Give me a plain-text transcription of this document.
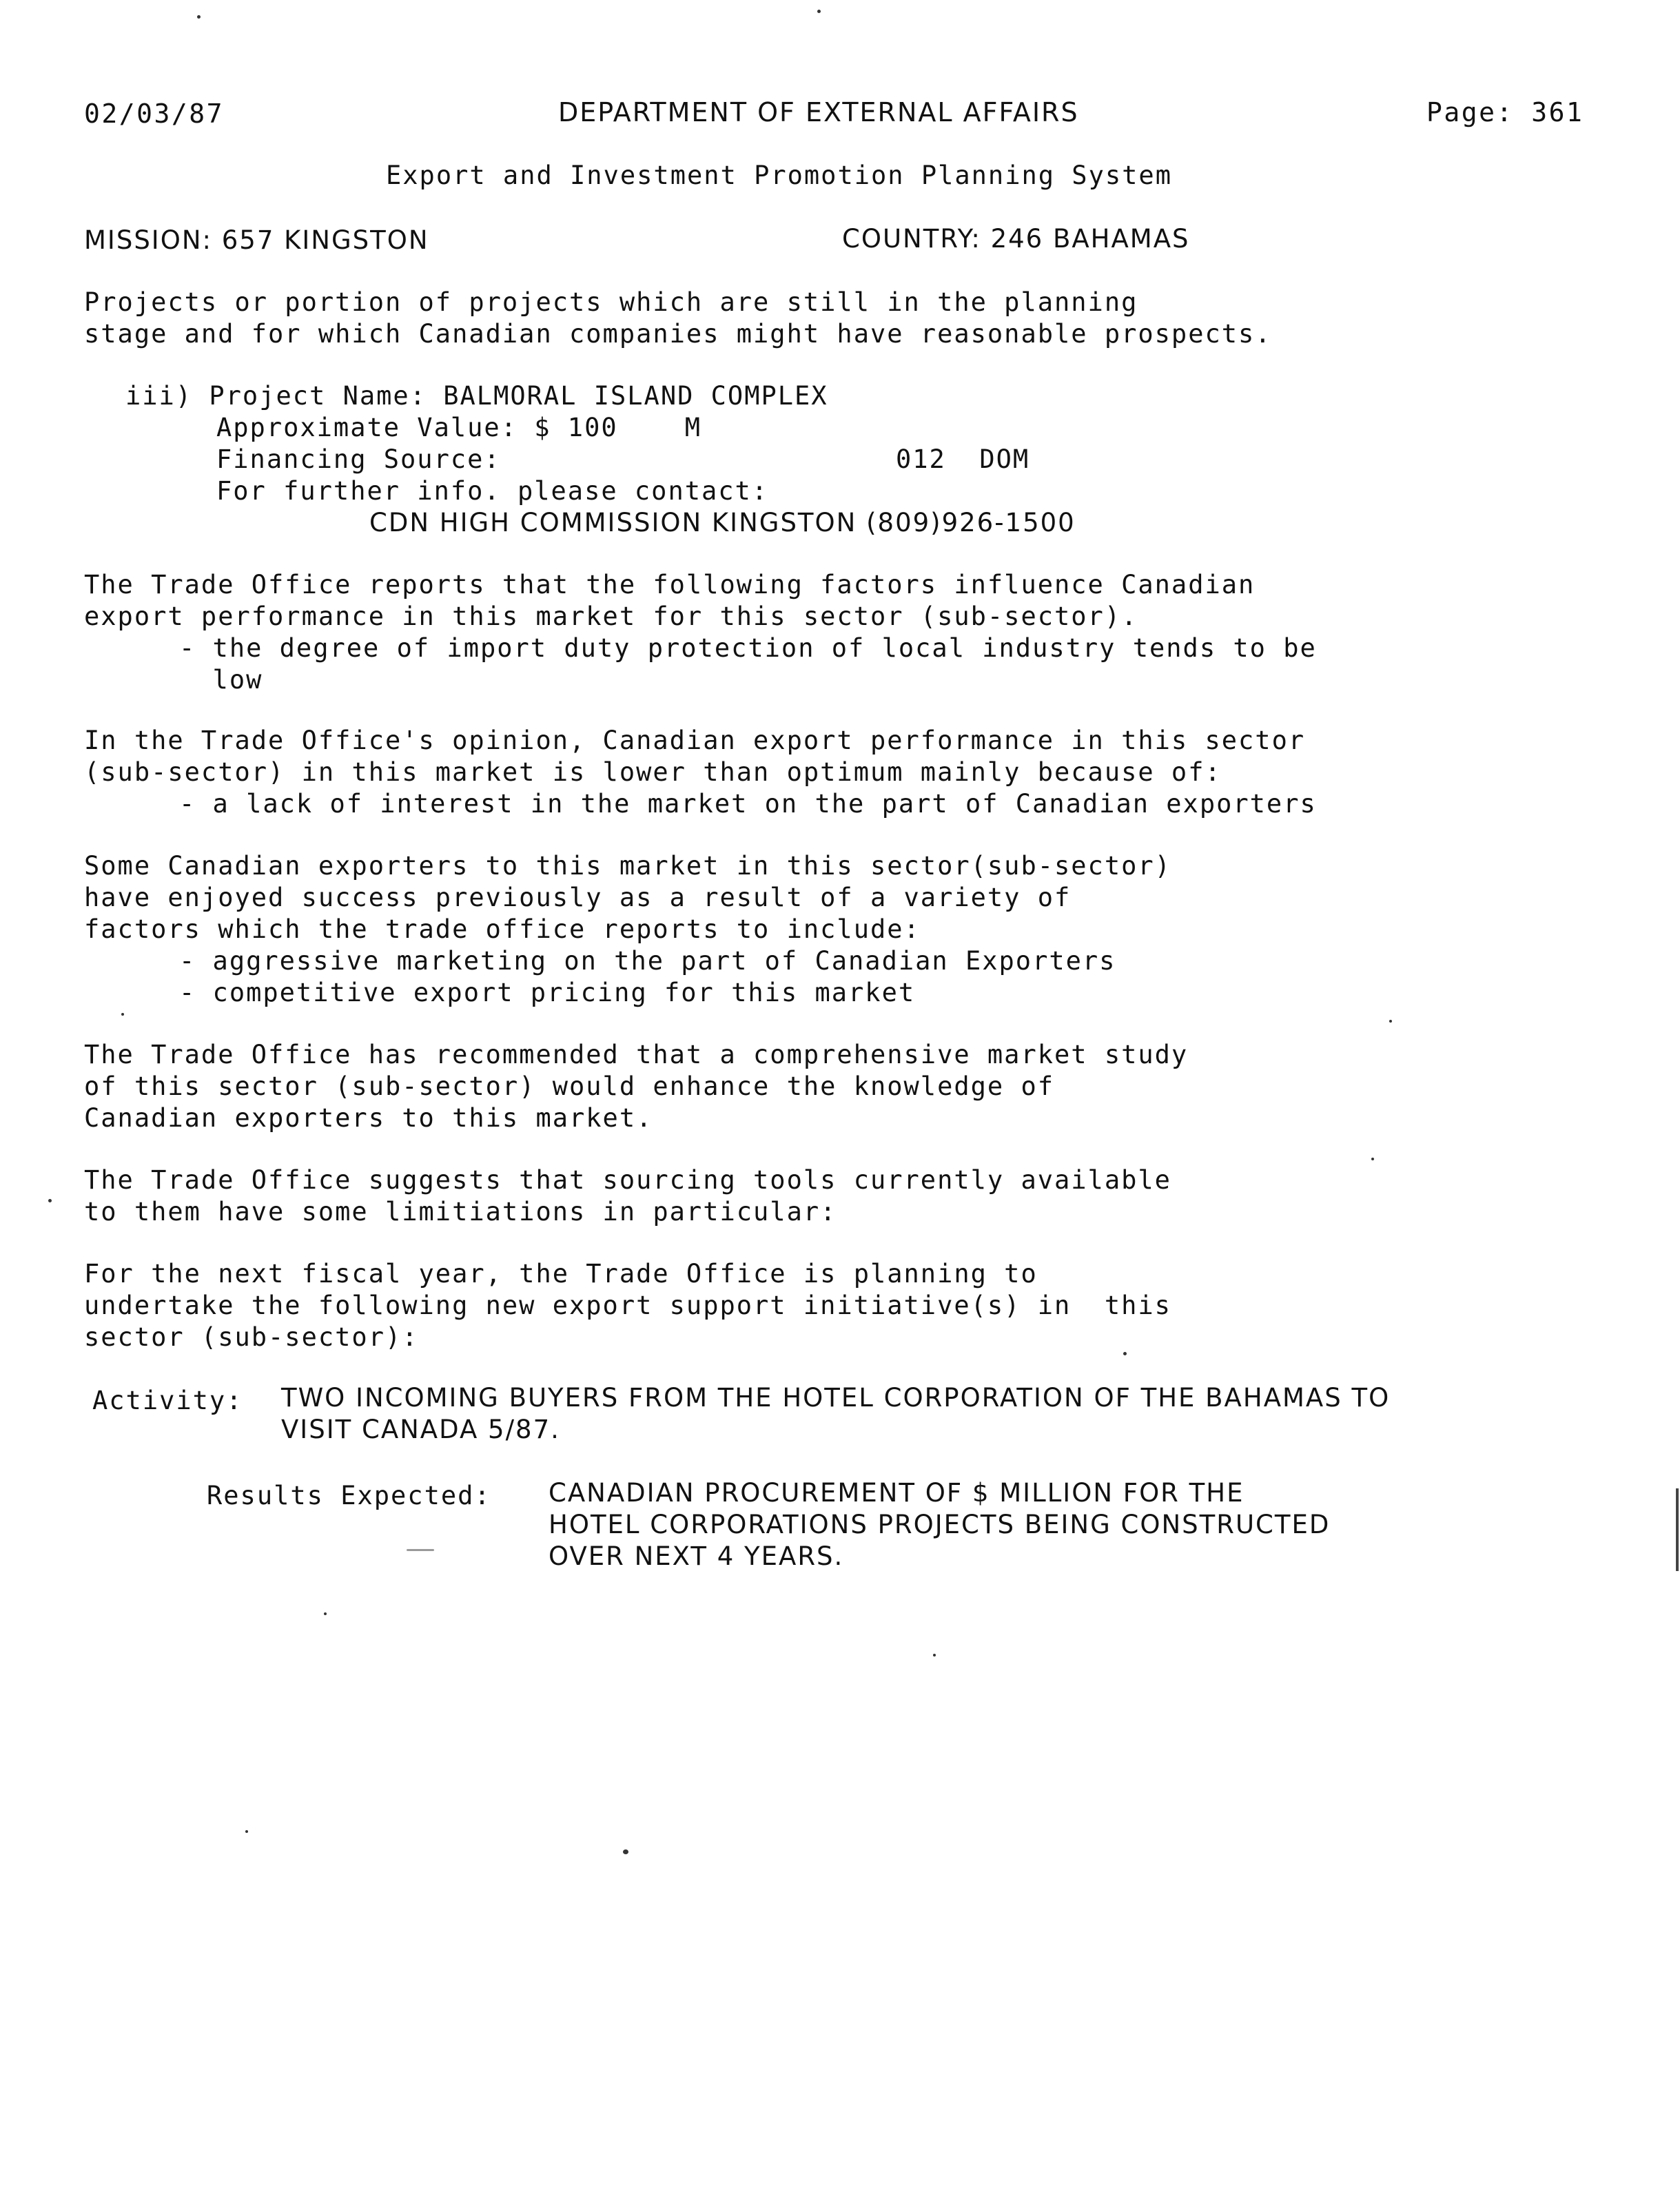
02/03/87	DEPARTMENT OF EXTERNAL AFFAIRS	Page: 361
Export and Investment Promotion Planning System
MISSION: 657 KINGSTON	COUNTRY: 246 BAHAMAS
Projects or portion of projects which are still in the planning
stage and for which Canadian companies might have reasonable prospects.
iii) Project Name: BALMORAL ISLAND COMPLEX
Approximate Value: $ 100    M
Financing Source:	012  DOM
For further info. please contact:
CDN HIGH COMMISSION KINGSTON (809)926-1500
The Trade Office reports that the following factors influence Canadian
export performance in this market for this sector (sub-sector).
- the degree of import duty protection of local industry tends to be
low
In the Trade Office's opinion, Canadian export performance in this sector
(sub-sector) in this market is lower than optimum mainly because of:
- a lack of interest in the market on the part of Canadian exporters
Some Canadian exporters to this market in this sector(sub-sector)
have enjoyed success previously as a result of a variety of
factors which the trade office reports to include:
- aggressive marketing on the part of Canadian Exporters
- competitive export pricing for this market
The Trade Office has recommended that a comprehensive market study
of this sector (sub-sector) would enhance the knowledge of
Canadian exporters to this market.
The Trade Office suggests that sourcing tools currently available
to them have some limitiations in particular:
For the next fiscal year, the Trade Office is planning to
undertake the following new export support initiative(s) in  this
sector (sub-sector):
Activity: TWO INCOMING BUYERS FROM THE HOTEL CORPORATION OF THE BAHAMAS TO
VISIT CANADA 5/87.
Results Expected: CANADIAN PROCUREMENT OF $ MILLION FOR THE
HOTEL CORPORATIONS PROJECTS BEING CONSTRUCTED
OVER NEXT 4 YEARS.
